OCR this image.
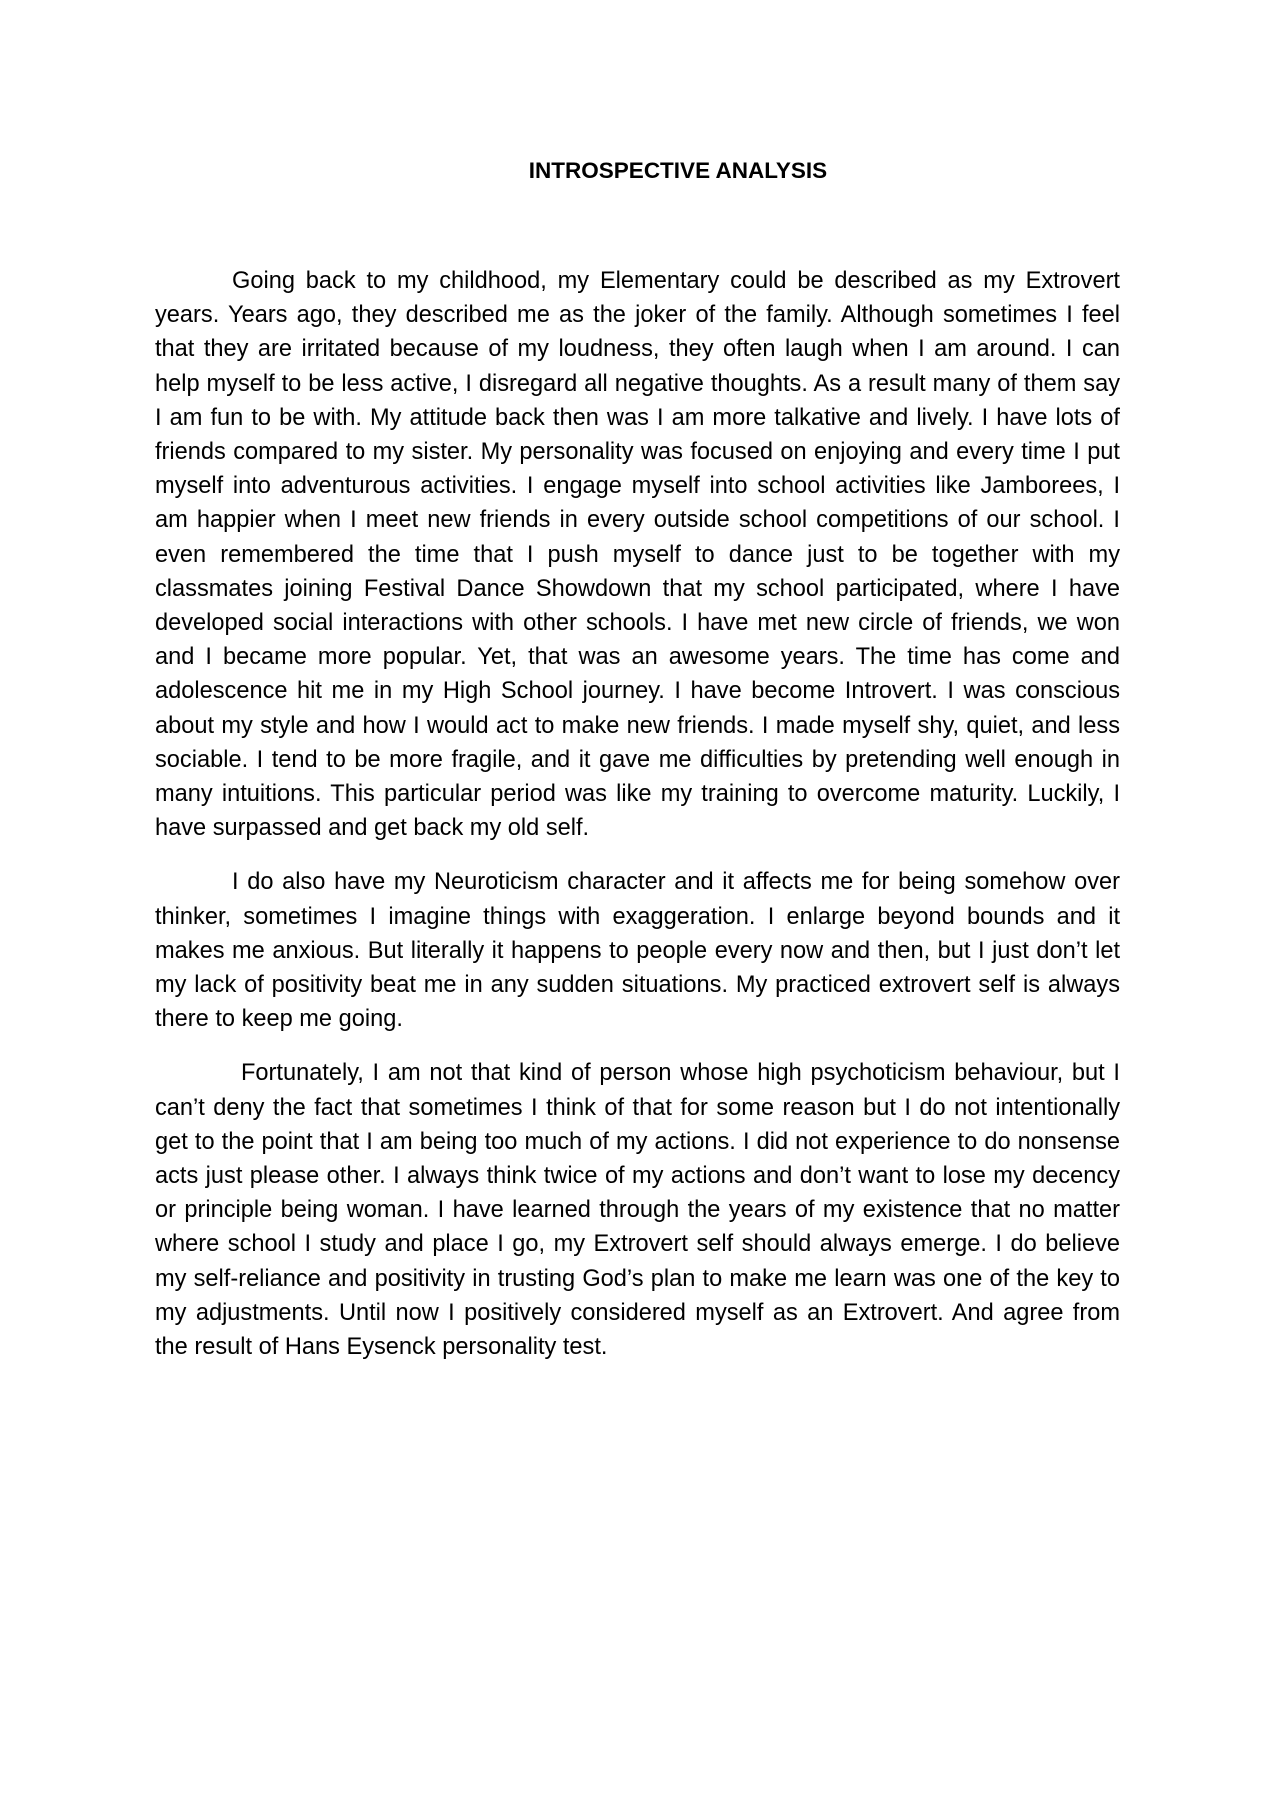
INTROSPECTIVE ANALYSIS

Going back to my childhood, my Elementary could be described as my Extrovert years. Years ago, they described me as the joker of the family. Although sometimes I feel that they are irritated because of my loudness, they often laugh when I am around. I can help myself to be less active, I disregard all negative thoughts. As a result many of them say I am fun to be with. My attitude back then was I am more talkative and lively. I have lots of friends compared to my sister. My personality was focused on enjoying and every time I put myself into adventurous activities. I engage myself into school activities like Jamborees, I am happier when I meet new friends in every outside school competitions of our school. I even remembered the time that I push myself to dance just to be together with my classmates joining Festival Dance Showdown that my school participated, where I have developed social interactions with other schools. I have met new circle of friends, we won and I became more popular. Yet, that was an awesome years. The time has come and adolescence hit me in my High School journey. I have become Introvert. I was conscious about my style and how I would act to make new friends. I made myself shy, quiet, and less sociable. I tend to be more fragile, and it gave me difficulties by pretending well enough in many intuitions. This particular period was like my training to overcome maturity. Luckily, I have surpassed and get back my old self.

I do also have my Neuroticism character and it affects me for being somehow over thinker, sometimes I imagine things with exaggeration. I enlarge beyond bounds and it makes me anxious. But literally it happens to people every now and then, but I just don’t let my lack of positivity beat me in any sudden situations. My practiced extrovert self is always there to keep me going.

Fortunately, I am not that kind of person whose high psychoticism behaviour, but I can’t deny the fact that sometimes I think of that for some reason but I do not intentionally get to the point that I am being too much of my actions. I did not experience to do nonsense acts just please other. I always think twice of my actions and don’t want to lose my decency or principle being woman. I have learned through the years of my existence that no matter where school I study and place I go, my Extrovert self should always emerge. I do believe my self-reliance and positivity in trusting God’s plan to make me learn was one of the key to my adjustments. Until now I positively considered myself as an Extrovert. And agree from the result of Hans Eysenck personality test.
